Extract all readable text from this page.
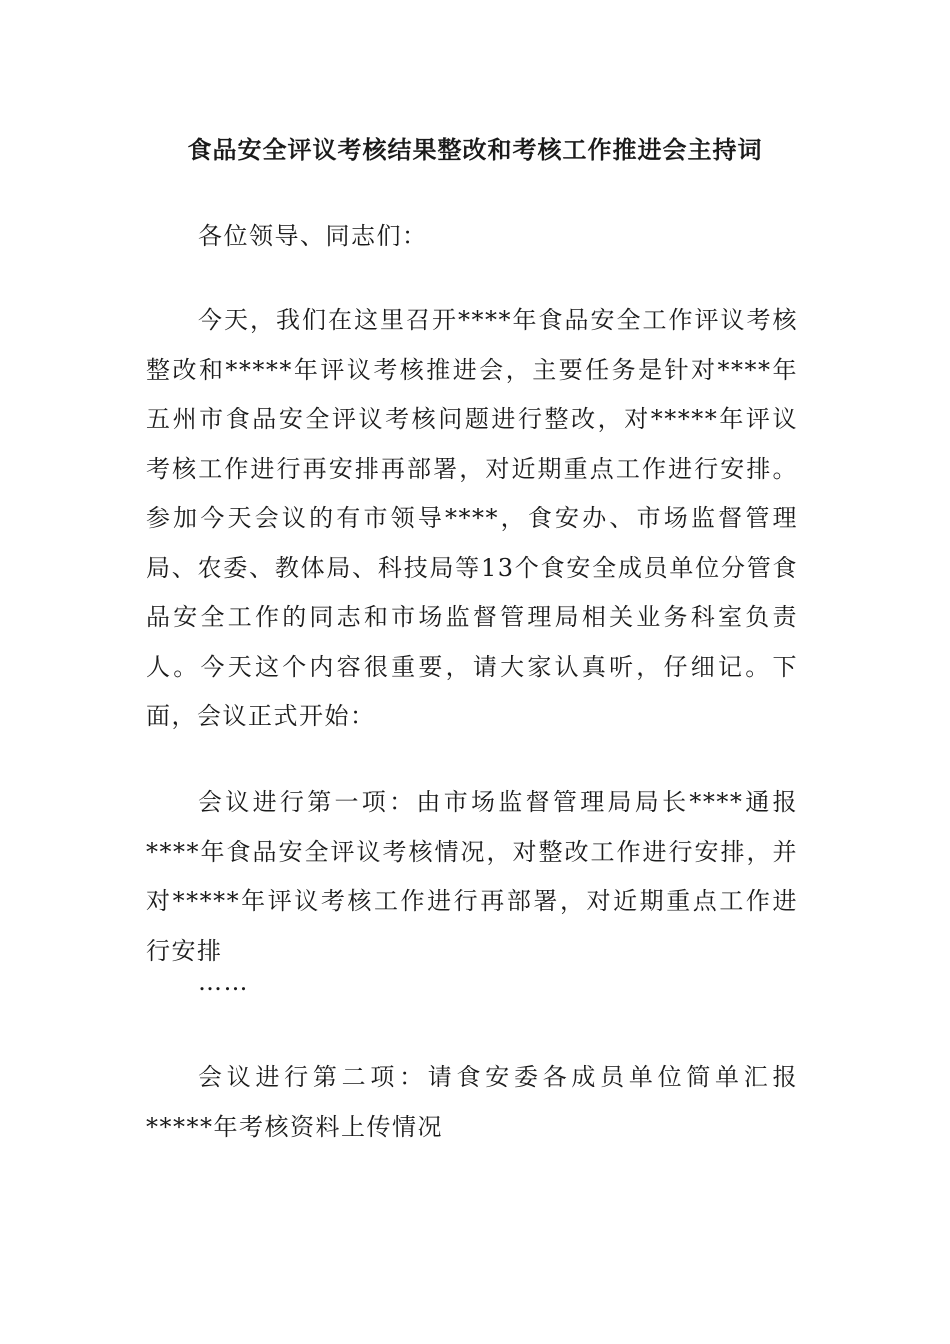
食品安全评议考核结果整改和考核工作推进会主持词

各位领导、同志们：

今天，我们在这里召开****年食品安全工作评议考核整改和*****年评议考核推进会，主要任务是针对****年五州市食品安全评议考核问题进行整改，对*****年评议考核工作进行再安排再部署，对近期重点工作进行安排。参加今天会议的有市领导****，食安办、市场监督管理局、农委、教体局、科技局等13个食安全成员单位分管食品安全工作的同志和市场监督管理局相关业务科室负责人。今天这个内容很重要，请大家认真听，仔细记。下面，会议正式开始：

会议进行第一项：由市场监督管理局局长****通报****年食品安全评议考核情况，对整改工作进行安排，并对*****年评议考核工作进行再部署，对近期重点工作进行安排

……

会议进行第二项：请食安委各成员单位简单汇报*****年考核资料上传情况
